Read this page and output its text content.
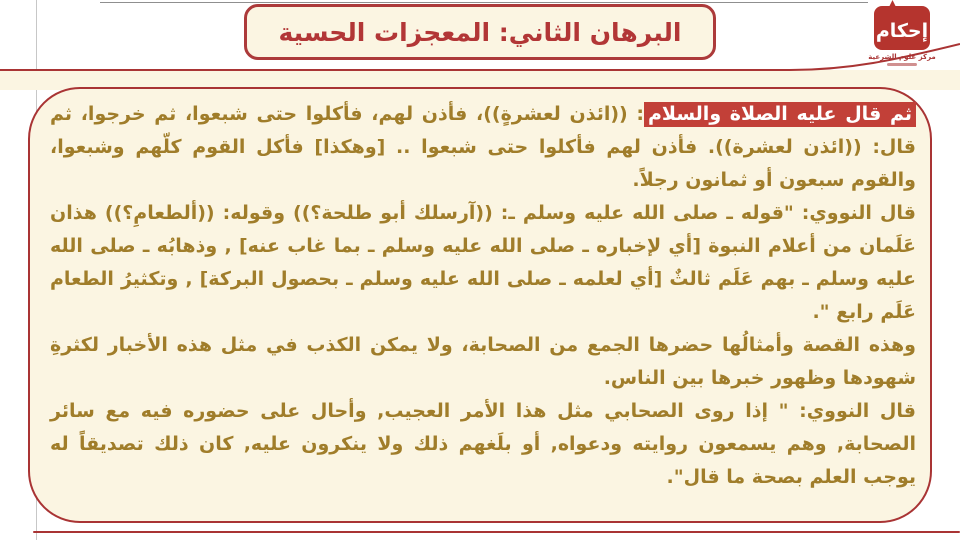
البرهان الثاني: المعجزات الحسية	إحكام
مركز علوم الشرعية

ثم قال عليه الصلاة والسلام: ((ائذن لعشرةٍ))، فأذن لهم، فأكلوا حتى شبعوا، ثم خرجوا، ثم قال: ((ائذن لعشرة)). فأذن لهم فأكلوا حتى شبعوا .. [وهكذا] فأكل القوم كلّهم وشبعوا، والقوم سبعون أو ثمانون رجلاً.

قال النووي: "قوله ـ صلى الله عليه وسلم ـ: ((آرسلك أبو طلحة؟)) وقوله: ((ألطعامِ؟)) هذان عَلَمان من أعلام النبوة [أي لإخباره ـ صلى الله عليه وسلم ـ بما غاب عنه] , وذهابُه ـ صلى الله عليه وسلم ـ بهم عَلَم ثالثٌ [أي لعلمه ـ صلى الله عليه وسلم ـ بحصول البركة] , وتكثيرُ الطعام عَلَم رابع ".

وهذه القصة وأمثالُها حضرها الجمع من الصحابة، ولا يمكن الكذب في مثل هذه الأخبار لكثرةِ شهودها وظهور خبرها بين الناس.

قال النووي: " إذا روى الصحابي مثل هذا الأمر العجيب, وأحال على حضوره فيه مع سائر الصحابة, وهم يسمعون روايته ودعواه, أو بلَغهم ذلك ولا ينكرون عليه, كان ذلك تصديقاً له يوجب العلم بصحة ما قال".
